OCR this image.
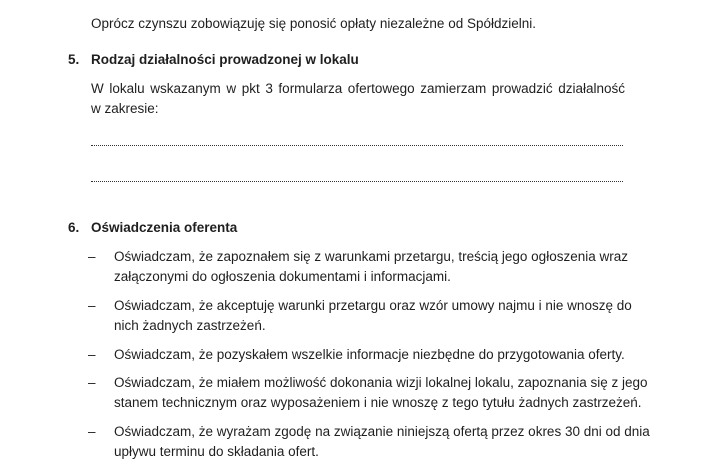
Oprócz czynszu zobowiązuję się ponosić opłaty niezależne od Spółdzielni.
5. Rodzaj działalności prowadzonej w lokalu
W lokalu wskazanym w pkt 3 formularza ofertowego zamierzam prowadzić działalność
w zakresie:
6. Oświadczenia oferenta
– Oświadczam, że zapoznałem się z warunkami przetargu, treścią jego ogłoszenia wraz
załączonymi do ogłoszenia dokumentami i informacjami.
– Oświadczam, że akceptuję warunki przetargu oraz wzór umowy najmu i nie wnoszę do
nich żadnych zastrzeżeń.
– Oświadczam, że pozyskałem wszelkie informacje niezbędne do przygotowania oferty.
– Oświadczam, że miałem możliwość dokonania wizji lokalnej lokalu, zapoznania się z jego
stanem technicznym oraz wyposażeniem i nie wnoszę z tego tytułu żadnych zastrzeżeń.
– Oświadczam, że wyrażam zgodę na związanie niniejszą ofertą przez okres 30 dni od dnia
upływu terminu do składania ofert.
